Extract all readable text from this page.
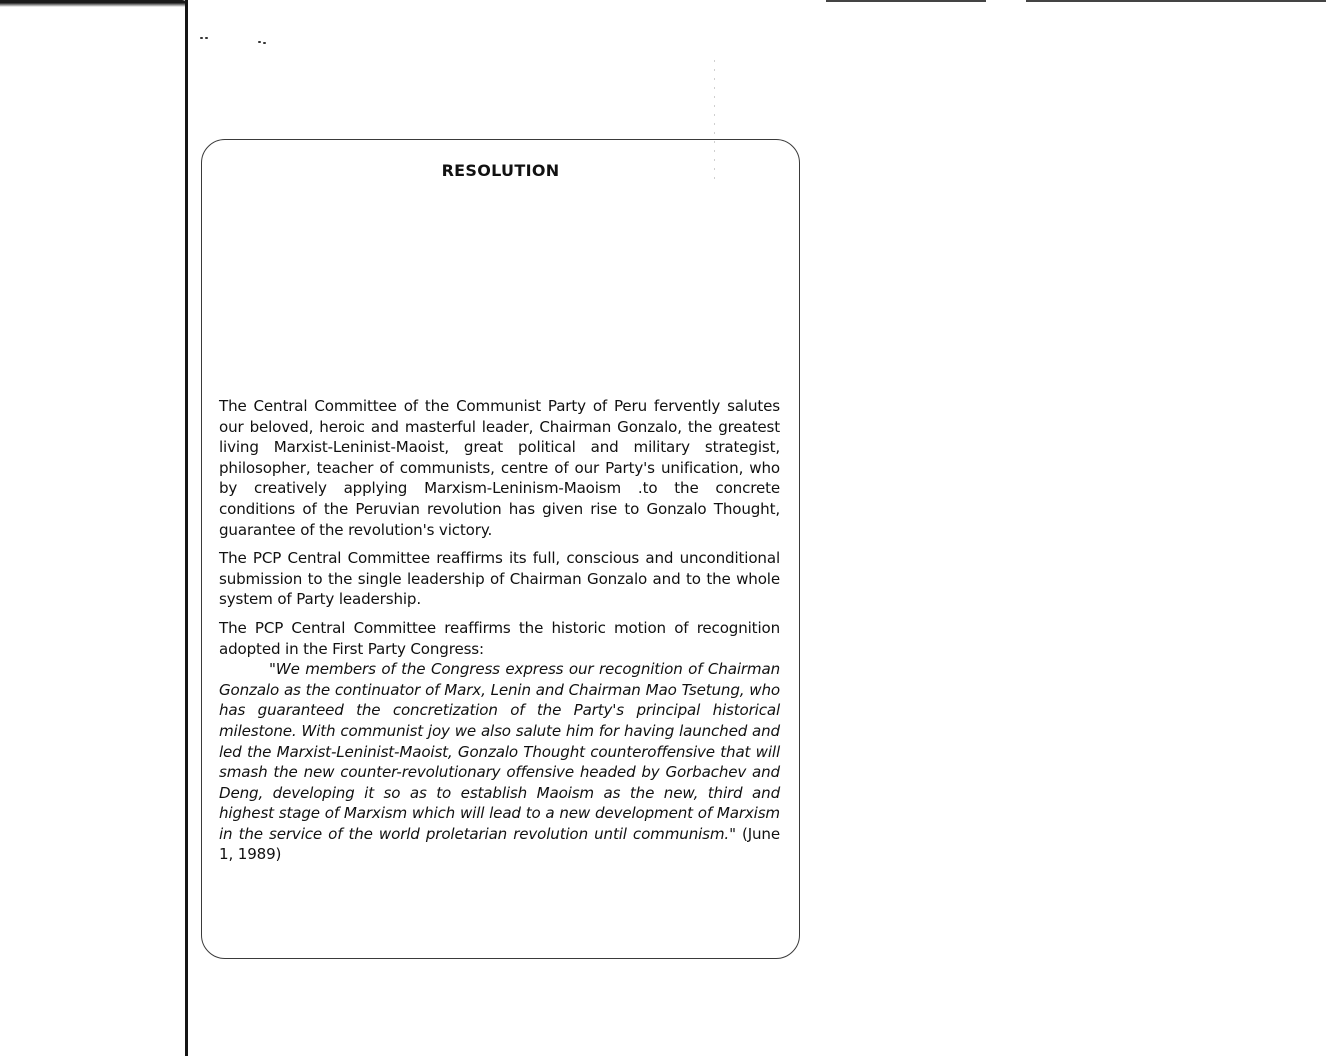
RESOLUTION

The Central Committee of the Communist Party of Peru fervently salutes our beloved, heroic and masterful leader, Chairman Gonzalo, the greatest living Marxist-Leninist-Maoist, great political and military strategist, philosopher, teacher of communists, centre of our Party's unification, who by creatively applying Marxism-Leninism-Maoism .to the concrete conditions of the Peruvian revolution has given rise to Gonzalo Thought, guarantee of the revolution's victory.

The PCP Central Committee reaffirms its full, conscious and unconditional submission to the single leadership of Chairman Gonzalo and to the whole system of Party leadership.

The PCP Central Committee reaffirms the historic motion of recognition adopted in the First Party Congress:

"We members of the Congress express our recognition of Chairman Gonzalo as the continuator of Marx, Lenin and Chairman Mao Tsetung, who has guaranteed the concretization of the Party's principal historical milestone. With communist joy we also salute him for having launched and led the Marxist-Leninist-Maoist, Gonzalo Thought counteroffensive that will smash the new counter-revolutionary offensive headed by Gorbachev and Deng, developing it so as to establish Maoism as the new, third and highest stage of Marxism which will lead to a new development of Marxism in the service of the world proletarian revolution until communism." (June 1, 1989)
